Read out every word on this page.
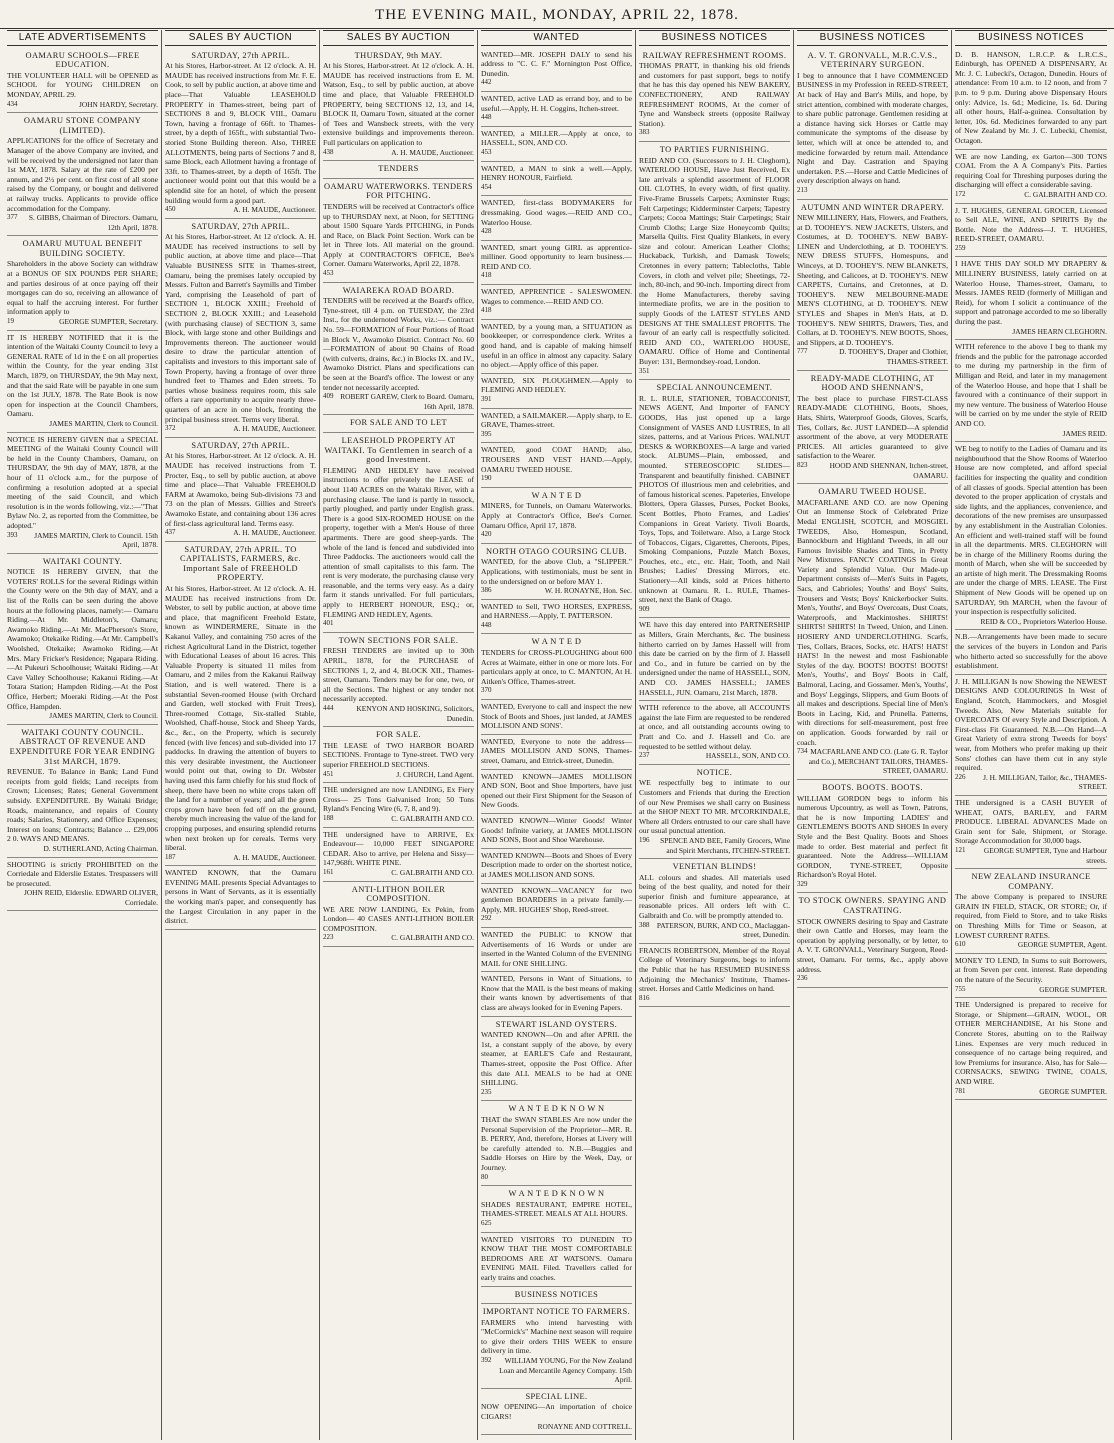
THE EVENING MAIL, MONDAY, APRIL 22, 1878.
LATE ADVERTISEMENTS
OAMARU SCHOOLS—FREE EDUCATION.
THE VOLUNTEER HALL will be OPENED as SCHOOL for YOUNG CHILDREN on MONDAY, APRIL 29.
434	JOHN HARDY, Secretary.
OAMARU STONE COMPANY (LIMITED).
APPLICATIONS for the office of Secretary and Manager of the above Company are invited, and will be received by the undersigned not later than 1st MAY, 1878. Salary at the rate of £200 per annum, and 2½ per cent. on first cost of all stone raised by the Company, or bought and delivered at railway trucks. Applicants to provide office accommodation for the Company.
377 S. GIBBS, Chairman of Directors. Oamaru, 12th April, 1878.
OAMARU MUTUAL BENEFIT BUILDING SOCIETY.
Shareholders in the above Society can withdraw at a BONUS OF SIX POUNDS PER SHARE; and parties desirous of at once paying off their mortgages can do so, receiving an allowance of equal to half the accruing interest. For further information apply to
19	GEORGE SUMPTER, Secretary.
IT IS HEREBY NOTIFIED that it is the intention of the Waitaki County Council to levy a GENERAL RATE of 1d in the £ on all properties within the County, for the year ending 31st March, 1879, on THURSDAY, the 9th May next, and that the said Rate will be payable in one sum on the 1st JULY, 1878. The Rate Book is now open for inspection at the Council Chambers, Oamaru.
JAMES MARTIN, Clerk to Council.
NOTICE IS HEREBY GIVEN that a SPECIAL MEETING of the Waitaki County Council will be held in the County Chambers, Oamaru, on THURSDAY, the 9th day of MAY, 1878, at the hour of 11 o'clock a.m., for the purpose of confirming a resolution adopted at a special meeting of the said Council, and which resolution is in the words following, viz.:—"That Bylaw No. 2, as reported from the Committee, be adopted."
393 JAMES MARTIN, Clerk to Council. 15th April, 1878.
WAITAKI COUNTY.
NOTICE IS HEREBY GIVEN, that the VOTERS' ROLLS for the several Ridings within the County were on the 9th day of MAY, and a list of the Rolls can be seen during the above hours at the following places, namely:— Oamaru Riding.—At Mr. Middleton's, Oamaru; Awamoko Riding.—At Mr. MacPherson's Store, Awamoko; Otekaike Riding.—At Mr. Campbell's Woolshed, Otekaike; Awamoko Riding.—At Mrs. Mary Fricker's Residence; Ngapara Riding.—At Pukeuri Schoolhouse; Waitaki Riding.—At Cave Valley Schoolhouse; Kakanui Riding.—At Totara Station; Hampden Riding.—At the Post Office, Herbert; Moeraki Riding.—At the Post Office, Hampden.
JAMES MARTIN, Clerk to Council.
WAITAKI COUNTY COUNCIL. ABSTRACT OF REVENUE AND EXPENDITURE FOR YEAR ENDING 31st MARCH, 1879.
REVENUE. To Balance in Bank; Land Fund receipts from gold fields; Land receipts from Crown; Licenses; Rates; General Government subsidy. EXPENDITURE. By Waitaki Bridge; Roads, maintenance, and repairs of County roads; Salaries, Stationery, and Office Expenses; Interest on loans; Contracts; Balance ... £29,006 2 0. WAYS AND MEANS.
D. SUTHERLAND, Acting Chairman.
SHOOTING is strictly PROHIBITED on the Corriedale and Elderslie Estates. Trespassers will be prosecuted.
JOHN REID, Elderslie. EDWARD OLIVER, Corriedale.
SALES BY AUCTION
SATURDAY, 27th APRIL.
At his Stores, Harbor-street. At 12 o'clock. A. H. MAUDE has received instructions from Mr. F. E. Cook, to sell by public auction, at above time and place—That Valuable LEASEHOLD PROPERTY in Thames-street, being part of SECTIONS 8 and 9, BLOCK VIII., Oamaru Town, having a frontage of 66ft. to Thames-street, by a depth of 165ft., with substantial Two-storied Stone Building thereon. Also, THREE ALLOTMENTS, being parts of Sections 7 and 8, same Block, each Allotment having a frontage of 33ft. to Thames-street, by a depth of 165ft. The auctioneer would point out that this would be a splendid site for an hotel, of which the present building would form a good part.
450	A. H. MAUDE, Auctioneer.
SATURDAY, 27th APRIL.
At his Stores, Harbor-street. At 12 o'clock. A. H. MAUDE has received instructions to sell by public auction, at above time and place—That Valuable BUSINESS SITE in Thames-street, Oamaru, being the premises lately occupied by Messrs. Fulton and Barrett's Saymills and Timber Yard, comprising the Leasehold of part of SECTION 1, BLOCK XXIII.; Freehold of SECTION 2, BLOCK XXIII.; and Leasehold (with purchasing clause) of SECTION 3, same Block, with large stone and other Buildings and Improvements thereon. The auctioneer would desire to draw the particular attention of capitalists and investors to this important sale of Town Property, having a frontage of over three hundred feet to Thames and Eden streets. To parties whose business requires room, this sale offers a rare opportunity to acquire nearly three-quarters of an acre in one block, fronting the principal business street. Terms very liberal.
372	A. H. MAUDE, Auctioneer.
SATURDAY, 27th APRIL.
At his Stores, Harbor-street. At 12 o'clock. A. H. MAUDE has received instructions from T. Procter, Esq., to sell by public auction, at above time and place—That Valuable FREEHOLD FARM at Awamoko, being Sub-divisions 73 and 73 on the plan of Messrs. Gillies and Street's Awamoko Estate, and containing about 136 acres of first-class agricultural land. Terms easy.
437	A. H. MAUDE, Auctioneer.
SATURDAY, 27th APRIL. TO CAPITALISTS, FARMERS, &c. Important Sale of FREEHOLD PROPERTY.
At his Stores, Harbor-street. At 12 o'clock. A. H. MAUDE has received instructions from Dr. Webster, to sell by public auction, at above time and place, that magnificent Freehold Estate, known as WINDERMERE, Situate in the Kakanui Valley, and containing 750 acres of the richest Agricultural Land in the District, together with Educational Leases of about 16 acres. This Valuable Property is situated 11 miles from Oamaru, and 2 miles from the Kakanui Railway Station, and is well watered. There is a substantial Seven-roomed House (with Orchard and Garden, well stocked with Fruit Trees), Three-roomed Cottage, Six-stalled Stable, Woolshed, Chaff-house, Stock and Sheep Yards, &c., &c., on the Property, which is securely fenced (with live fences) and sub-divided into 17 paddocks. In drawing the attention of buyers to this very desirable investment, the Auctioneer would point out that, owing to Dr. Webster having used this farm chiefly for his stud flock of sheep, there have been no white crops taken off the land for a number of years; and all the green crops grown have been fed off on the ground, thereby much increasing the value of the land for cropping purposes, and ensuring splendid returns when next broken up for cereals. Terms very liberal.
187	A. H. MAUDE, Auctioneer.
WANTED KNOWN, that the Oamaru EVENING MAIL presents Special Advantages to persons in Want of Servants, as it is essentially the working man's paper, and consequently has the Largest Circulation in any paper in the district.
SALES BY AUCTION
THURSDAY, 9th MAY.
At his Stores, Harbor-street. At 12 o'clock. A. H. MAUDE has received instructions from E. M. Watson, Esq., to sell by public auction, at above time and place, that Valuable FREEHOLD PROPERTY, being SECTIONS 12, 13, and 14, BLOCK II, Oamaru Town, situated at the corner of Tees and Wansbeck streets, with the very extensive buildings and improvements thereon. Full particulars on application to
438	A. H. MAUDE, Auctioneer.
TENDERS
OAMARU WATERWORKS. TENDERS FOR PITCHING.
TENDERS will be received at Contractor's office up to THURSDAY next, at Noon, for SETTING about 1500 Square Yards PITCHING, in Ponds and Race, on Black Point Section. Work can be let in Three lots. All material on the ground. Apply at CONTRACTOR'S OFFICE, Bee's Corner. Oamaru Waterworks, April 22, 1878.
453
WAIAREKA ROAD BOARD.
TENDERS will be received at the Board's office, Tyne-street, till 4 p.m. on TUESDAY, the 23rd Inst., for the undernoted Works, viz.:— Contract No. 59—FORMATION of Four Portions of Road in Block V., Awamoko District. Contract No. 60—FORMATION of about 90 Chains of Road (with culverts, drains, &c.) in Blocks IX. and IV., Awamoko District. Plans and specifications can be seen at the Board's office. The lowest or any tender not necessarily accepted.
409 ROBERT GAREW, Clerk to Board. Oamaru, 16th April, 1878.
FOR SALE AND TO LET
LEASEHOLD PROPERTY AT WAITAKI. To Gentlemen in search of a good Investment.
FLEMING AND HEDLEY have received instructions to offer privately the LEASE of about 1140 ACRES on the Waitaki River, with a purchasing clause. The land is partly in tussock, partly ploughed, and partly under English grass. There is a good SIX-ROOMED HOUSE on the property, together with a Men's House of three apartments. There are good sheep-yards. The whole of the land is fenced and subdivided into Three Paddocks. The auctioneers would call the attention of small capitalists to this farm. The rent is very moderate, the purchasing clause very reasonable, and the terms very easy. As a dairy farm it stands unrivalled. For full particulars, apply to HERBERT HONOUR, ESQ.; or, FLEMING AND HEDLEY, Agents.
401
TOWN SECTIONS FOR SALE.
FRESH TENDERS are invited up to 30th APRIL, 1878, for the PURCHASE of SECTIONS 1, 2, and 4, BLOCK XII., Thames-street, Oamaru. Tenders may be for one, two, or all the Sections. The highest or any tender not necessarily accepted.
444	KENYON AND HOSKING, Solicitors, Dunedin.
FOR SALE.
THE LEASE of TWO HARBOR BOARD SECTIONS. Frontage to Tyne-street. TWO very superior FREEHOLD SECTIONS.
451	J. CHURCH, Land Agent.
THE undersigned are now LANDING, Ex Fiery Cross— 25 Tons Galvanised Iron; 50 Tons Ryland's Fencing Wire (6, 7, 8, and 9).
188	C. GALBRAITH AND CO.
THE undersigned have to ARRIVE, Ex Endeavour— 10,000 FEET SINGAPORE CEDAR. Also to arrive, per Helena and Sissy— 147,968ft. WHITE PINE.
161	C. GALBRAITH AND CO.
ANTI-LITHON BOILER COMPOSITION.
WE ARE NOW LANDING, Ex Pekin, from London— 40 CASES ANTI-LITHON BOILER COMPOSITION.
223	C. GALBRAITH AND CO.
WANTED
WANTED—MR. JOSEPH DALY to send his address to "C. C. F." Mornington Post Office, Dunedin.
442
WANTED, active LAD as errand boy, and to be useful.—Apply, H. H. Coggins, Itchen-street.
448
WANTED, a MILLER.—Apply at once, to HASSELL, SON, AND CO.
453
WANTED, a MAN to sink a well.—Apply, HENRY HONOUR, Fairfield.
454
WANTED, first-class BODYMAKERS for dressmaking. Good wages.—REID AND CO., Waterloo House.
428
WANTED, smart young GIRL as apprentice-milliner. Good opportunity to learn business.—REID AND CO.
418
WANTED, APPRENTICE - SALESWOMEN. Wages to commence.—REID AND CO.
418
WANTED, by a young man, a SITUATION as bookkeeper, or correspondence clerk. Writes a good hand, and is capable of making himself useful in an office in almost any capacity. Salary no object.—Apply office of this paper.
WANTED, SIX PLOUGHMEN.—Apply to FLEMING AND HEDLEY.
391
WANTED, a SAILMAKER.—Apply sharp, to E. GRAVE, Thames-street.
395
WANTED, good COAT HAND; also, TROUSERS AND VEST HAND.—Apply, OAMARU TWEED HOUSE.
190
W A N T E D
MINERS, for Tunnels, on Oamaru Waterworks. Apply at Contractor's Office, Bee's Corner. Oamaru Office, April 17, 1878.
420
NORTH OTAGO COURSING CLUB.
WANTED, for the above Club, a "SLIPPER." Applications, with testimonials, must be sent in to the undersigned on or before MAY 1.
386	W. H. RONAYNE, Hon. Sec.
WANTED to Sell, TWO HORSES, EXPRESS, and HARNESS.—Apply, T. PATTERSON.
448
W A N T E D
TENDERS for CROSS-PLOUGHING about 600 Acres at Waimate, either in one or more lots. For particulars apply at once, to C. MANTON, At H. Aitken's Office, Thames-street.
370
WANTED, Everyone to call and inspect the new Stock of Boots and Shoes, just landed, at JAMES MOLLISON AND SONS'.
WANTED, Everyone to note the address—JAMES MOLLISON AND SONS, Thames-street, Oamaru, and Ettrick-street, Dunedin.
WANTED KNOWN—JAMES MOLLISON AND SON, Boot and Shoe Importers, have just opened out their First Shipment for the Season of New Goods.
WANTED KNOWN—Winter Goods! Winter Goods! Infinite variety, at JAMES MOLLISON AND SONS, Boot and Shoe Warehouse.
WANTED KNOWN—Boots and Shoes of Every Description made to order on the shortest notice, at JAMES MOLLISON AND SONS.
WANTED KNOWN—VACANCY for two gentlemen BOARDERS in a private family.—Apply, MR. HUGHES' Shop, Reed-street.
292
WANTED the PUBLIC to KNOW that Advertisements of 16 Words or under are inserted in the Wanted Column of the EVENING MAIL for ONE SHILLING.
WANTED, Persons in Want of Situations, to Know that the MAIL is the best means of making their wants known by advertisements of that class are always looked for in Evening Papers.
STEWART ISLAND OYSTERS.
WANTED KNOWN—On and after APRIL the 1st, a constant supply of the above, by every steamer, at EARLE'S Cafe and Restaurant, Thames-street, opposite the Post Office. After this date ALL MEALS to be had at ONE SHILLING.
235
W A N T E D K N O W N
THAT the SWAN STABLES Are now under the Personal Supervision of the Proprietor—MR. R. B. PERRY, And, therefore, Horses at Livery will be carefully attended to. N.B.—Buggies and Saddle Horses on Hire by the Week, Day, or Journey.
80
W A N T E D K N O W N
SHADES RESTAURANT, EMPIRE HOTEL, THAMES-STREET. MEALS AT ALL HOURS.
625
WANTED VISITORS TO DUNEDIN TO KNOW THAT THE MOST COMFORTABLE BEDROOMS ARE AT WATSON'S. Oamaru EVENING MAIL Filed. Travellers called for early trains and coaches.
BUSINESS NOTICES
IMPORTANT NOTICE TO FARMERS.
FARMERS who intend harvesting with "McCormick's" Machine next season will require to give their orders THIS WEEK to ensure delivery in time.
392 WILLIAM YOUNG, For the New Zealand Loan and Mercantile Agency Company. 15th April.
SPECIAL LINE.
NOW OPENING—An importation of choice CIGARS!
RONAYNE AND COTTRELL.
BUSINESS NOTICES
RAILWAY REFRESHMENT ROOMS.
THOMAS PRATT, in thanking his old friends and customers for past support, begs to notify that he has this day opened his NEW BAKERY, CONFECTIONERY, AND RAILWAY REFRESHMENT ROOMS, At the corner of Tyne and Wansbeck streets (opposite Railway Station).
383
TO PARTIES FURNISHING.
REID AND CO. (Successors to J. H. Cleghorn), WATERLOO HOUSE, Have Just Received, Ex late arrivals a splendid assortment of FLOOR OIL CLOTHS, In every width, of first quality. Five-Frame Brussels Carpets; Axminster Rugs; Felt Carpetings; Kidderminster Carpets; Tapestry Carpets; Cocoa Mattings; Stair Carpetings; Stair Crumb Cloths; Large Size Honeycomb Quilts; Marsella Quilts. First Quality Blankets, in every size and colour. American Leather Cloths; Huckaback, Turkish, and Damask Towels; Cretonnes in every pattern; Tablecloths, Table Covers, in cloth and velvet pile; Sheetings, 72-inch, 80-inch, and 90-inch. Importing direct from the Home Manufacturers, thereby saving intermediate profits, we are in the position to supply Goods of the LATEST STYLES AND DESIGNS AT THE SMALLEST PROFITS. The favour of an early call is respectfully solicited. REID AND CO., WATERLOO HOUSE, OAMARU. Office of Home and Continental Buyer: 131, Bermondsey-road, London.
351
SPECIAL ANNOUNCEMENT.
R. L. RULE, STATIONER, TOBACCONIST, NEWS AGENT, And Importer of FANCY GOODS, Has just opened up a large Consignment of VASES AND LUSTRES, In all sizes, patterns, and at Various Prices. WALNUT DESKS & WORKBOXES—A large and varied stock. ALBUMS—Plain, embossed, and mounted. STEREOSCOPIC SLIDES—Transparent and beautifully finished. CABINET PHOTOS Of illustrious men and celebrities, and of famous historical scenes. Papeteries, Envelope Blotters, Opera Glasses, Purses, Pocket Books, Scent Bottles, Photo Frames, and Ladies' Companions in Great Variety. Tivoli Boards, Toys, Tops, and Toiletware. Also, a Large Stock of Tobaccos, Cigars, Cigarettes, Cheroots, Pipes, Smoking Companions, Puzzle Match Boxes, Pouches, etc., etc., etc. Hair, Tooth, and Nail Brushes; Ladies' Dressing Mirrors, etc. Stationery—All kinds, sold at Prices hitherto unknown at Oamaru. R. L. RULE, Thames-street, next the Bank of Otago.
909
WE have this day entered into PARTNERSHIP as Millers, Grain Merchants, &c. The business hitherto carried on by James Hassell will from this date be carried on by the firm of J. Hassell and Co., and in future be carried on by the undersigned under the name of HASSELL, SON, AND CO. JAMES HASSELL; JAMES HASSELL, JUN. Oamaru, 21st March, 1878.
WITH reference to the above, all ACCOUNTS against the late Firm are requested to be rendered at once, and all outstanding accounts owing to Pratt and Co. and J. Hassell and Co. are requested to be settled without delay.
237	HASSELL, SON, AND CO.
NOTICE.
WE respectfully beg to intimate to our Customers and Friends that during the Erection of our New Premises we shall carry on Business at the SHOP NEXT TO MR. M'CORKINDALE, Where all Orders entrusted to our care shall have our usual punctual attention.
196 SPENCE AND BEE, Family Grocers, Wine and Spirit Merchants, ITCHEN-STREET.
VENETIAN BLINDS!
ALL colours and shades. All materials used being of the best quality, and noted for their superior finish and furniture appearance, at reasonable prices. All orders left with C. Galbraith and Co. will be promptly attended to.
388 PATERSON, BURK, AND CO., Maclaggan-street, Dunedin.
FRANCIS ROBERTSON, Member of the Royal College of Veterinary Surgeons, begs to inform the Public that he has RESUMED BUSINESS Adjoining the Mechanics' Institute, Thames-street. Horses and Cattle Medicines on hand.
816
BUSINESS NOTICES
A. V. T. GRONVALL, M.R.C.V.S., VETERINARY SURGEON.
I beg to announce that I have COMMENCED BUSINESS in my Profession in REED-STREET, At back of Hay and Barr's Mills, and hope, by strict attention, combined with moderate charges, to share public patronage. Gentlemen residing at a distance having sick Horses or Cattle may communicate the symptoms of the disease by letter, which will at once be attended to, and medicine forwarded by return mail. Attendance Night and Day. Castration and Spaying undertaken. P.S.—Horse and Cattle Medicines of every description always on hand.
213
AUTUMN AND WINTER DRAPERY.
NEW MILLINERY, Hats, Flowers, and Feathers, at D. TOOHEY'S. NEW JACKETS, Ulsters, and Costumes, at D. TOOHEY'S. NEW BABY-LINEN and Underclothing, at D. TOOHEY'S. NEW DRESS STUFFS, Homespuns, and Winceys, at D. TOOHEY'S. NEW BLANKETS, Sheeting, and Calicoes, at D. TOOHEY'S. NEW CARPETS, Curtains, and Cretonnes, at D. TOOHEY'S. NEW MELBOURNE-MADE MEN'S CLOTHING, at D. TOOHEY'S. NEW STYLES and Shapes in Men's Hats, at D. TOOHEY'S. NEW SHIRTS, Drawers, Ties, and Collars, at D. TOOHEY'S. NEW BOOTS, Shoes, and Slippers, at D. TOOHEY'S.
777	D. TOOHEY'S, Draper and Clothier, THAMES-STREET.
READY-MADE CLOTHING, AT HOOD AND SHENNAN'S,
The best place to purchase FIRST-CLASS READY-MADE CLOTHING, Boots, Shoes, Hats, Shirts, Waterproof Goods, Gloves, Scarfs, Ties, Collars, &c. JUST LANDED—A splendid assortment of the above, at very MODERATE PRICES. All articles guaranteed to give satisfaction to the Wearer.
823	HOOD AND SHENNAN, Itchen-street, OAMARU.
OAMARU TWEED HOUSE.
MACFARLANE AND CO. are now Opening Out an Immense Stock of Celebrated Prize Medal ENGLISH, SCOTCH, and MOSGIEL TWEEDS, Also, Homespun, Scotland, Bannockburn and Highland Tweeds, in all our Famous Invisible Shades and Tints, in Pretty New Mixtures. FANCY COATINGS In Great Variety and Splendid Value. Our Made-up Department consists of—Men's Suits in Pagets, Sacs, and Cabrioles; Youths' and Boys' Suits, Trousers and Vests; Boys' Knickerbocker Suits. Men's, Youths', and Boys' Overcoats, Dust Coats, Waterproofs, and Mackintoshes. SHIRTS! SHIRTS! SHIRTS! In Tweed, Union, and Linen. HOSIERY AND UNDERCLOTHING. Scarfs, Ties, Collars, Braces, Socks, etc. HATS! HATS! HATS! In the newest and most Fashionable Styles of the day. BOOTS! BOOTS! BOOTS! Men's, Youths', and Boys' Boots in Calf, Balmoral, Lacing, and Gossamer. Men's, Youths', and Boys' Leggings, Slippers, and Gum Boots of all makes and descriptions. Special line of Men's Boots in Lacing, Kid, and Prunella. Patterns, with directions for self-measurement, post free on application. Goods forwarded by rail or coach.
734 MACFARLANE AND CO. (Late G. R. Taylor and Co.), MERCHANT TAILORS, THAMES-STREET, OAMARU.
BOOTS. BOOTS. BOOTS.
WILLIAM GORDON begs to inform his numerous Upcountry, as well as Town, Patrons, that he is now Importing LADIES' and GENTLEMEN'S BOOTS AND SHOES In every Style and the Best Quality. Boots and Shoes made to order. Best material and perfect fit guaranteed. Note the Address—WILLIAM GORDON, TYNE-STREET, Opposite Richardson's Royal Hotel.
329
TO STOCK OWNERS. SPAYING AND CASTRATING.
STOCK OWNERS desiring to Spay and Castrate their own Cattle and Horses, may learn the operation by applying personally, or by letter, to A. V. T. GRONVALL, Veterinary Surgeon, Reed-street, Oamaru. For terms, &c., apply above address.
236
BUSINESS NOTICES
D. B. HANSON, L.R.C.P. & L.R.C.S., Edinburgh, has OPENED A DISPENSARY, At Mr. J. C. Lubecki's, Octagon, Dunedin. Hours of attendance: From 10 a.m. to 12 noon, and from 7 p.m. to 9 p.m. During above Dispensary Hours only: Advice, 1s. 6d.; Medicine, 1s. 6d. During all other hours, Half-a-guinea. Consultation by letter, 10s. 6d. Medicines forwarded to any part of New Zealand by Mr. J. C. Lubecki, Chemist, Octagon.
WE are now Landing, ex Garton—300 TONS COAL From the A A Company's Pits. Parties requiring Coal for Threshing purposes during the discharging will effect a considerable saving.
172	C. GALBRAITH AND CO.
J. T. HUGHES, GENERAL GROCER, Licensed to Sell ALE, WINE, AND SPIRITS By the Bottle. Note the Address—J. T. HUGHES, REED-STREET, OAMARU.
259
I HAVE THIS DAY SOLD MY DRAPERY & MILLINERY BUSINESS, lately carried on at Waterloo House, Thames-street, Oamaru, to Messrs. JAMES REID (formerly of Milligan and Reid), for whom I solicit a continuance of the support and patronage accorded to me so liberally during the past.
JAMES HEARN CLEGHORN.
WITH reference to the above I beg to thank my friends and the public for the patronage accorded to me during my partnership in the firm of Milligan and Reid, and later in my management of the Waterloo House, and hope that I shall be favoured with a continuance of their support in my new venture. The business of Waterloo House will be carried on by me under the style of REID AND CO.
JAMES REID.
WE beg to notify to the Ladies of Oamaru and its neighbourhood that the Show Rooms of Waterloo House are now completed, and afford special facilities for inspecting the quality and condition of all classes of goods. Special attention has been devoted to the proper application of crystals and side lights, and the appliances, convenience, and decorations of the new premises are unsurpassed by any establishment in the Australian Colonies. An efficient and well-trained staff will be found in all the departments. MRS. CLEGHORN will be in charge of the Millinery Rooms during the month of March, when she will be succeeded by an artiste of high merit. The Dressmaking Rooms are under the charge of MRS. LEASE. The First Shipment of New Goods will be opened up on SATURDAY, 9th MARCH, when the favour of your inspection is respectfully solicited.
REID & CO., Proprietors Waterloo House.
N.B.—Arrangements have been made to secure the services of the buyers in London and Paris who hitherto acted so successfully for the above establishment.
J. H. MILLIGAN Is now Showing the NEWEST DESIGNS AND COLOURINGS In West of England, Scotch, Hammockers, and Mosgiel Tweeds. Also, New Materials suitable for OVERCOATS Of every Style and Description. A First-class Fit Guaranteed. N.B.—On Hand—A Great Variety of extra strong Tweeds for boys' wear, from Mothers who prefer making up their Sons' clothes can have them cut in any style required.
226 J. H. MILLIGAN, Tailor, &c., THAMES-STREET.
THE undersigned is a CASH BUYER of WHEAT, OATS, BARLEY, and FARM PRODUCE. LIBERAL ADVANCES Made on Grain sent for Sale, Shipment, or Storage. Storage Accommodation for 30,000 bags.
121 GEORGE SUMPTER, Tyne and Harbour streets.
NEW ZEALAND INSURANCE COMPANY.
The above Company is prepared to INSURE GRAIN IN FIELD, STACK, OR STORE; Or, if required, from Field to Store, and to take Risks on Threshing Mills for Time or Season, at LOWEST CURRENT RATES.
610	GEORGE SUMPTER, Agent.
MONEY TO LEND, In Sums to suit Borrowers, at from Seven per cent. interest. Rate depending on the nature of the Security.
755	GEORGE SUMPTER.
THE Undersigned is prepared to receive for Storage, or Shipment—GRAIN, WOOL, OR OTHER MERCHANDISE, At his Stone and Concrete Stores, abutting on to the Railway Lines. Expenses are very much reduced in consequence of no cartage being required, and low Premiums for insurance. Also, has for Sale—CORNSACKS, SEWING TWINE, COALS, AND WIRE.
781	GEORGE SUMPTER.
